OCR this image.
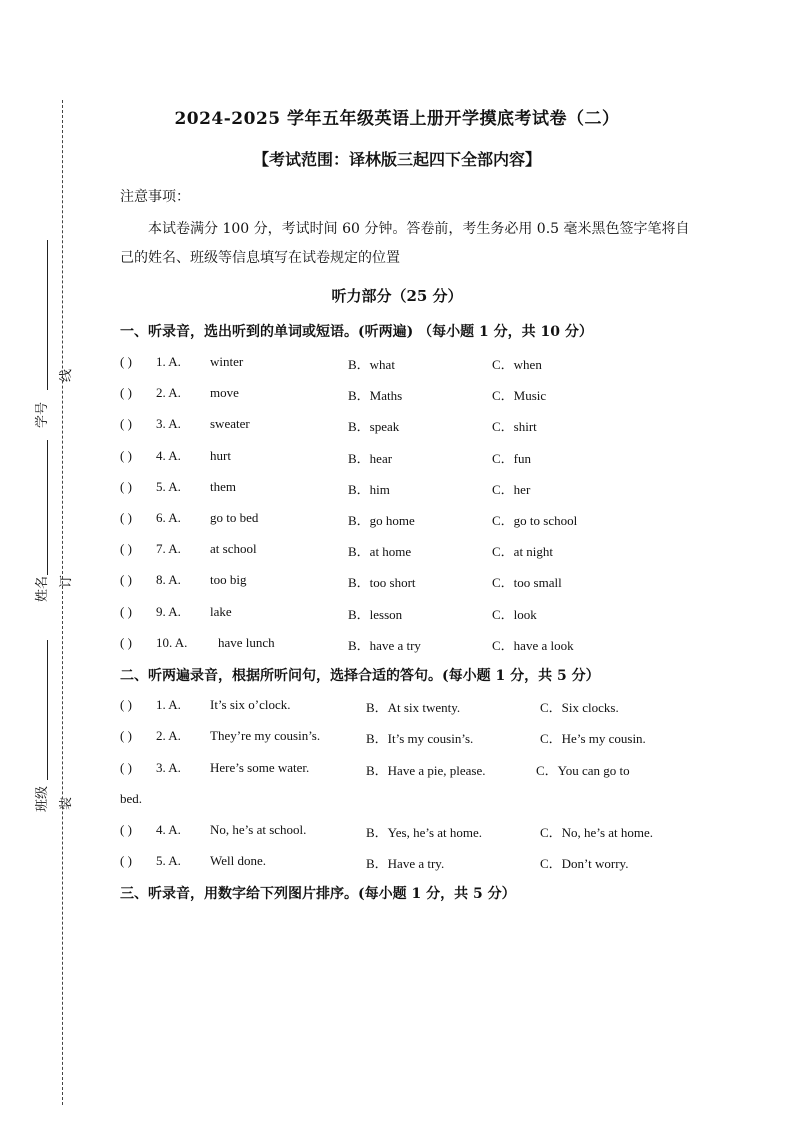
学号
线
姓名 订
班级 装
2024-2025 学年五年级英语上册开学摸底考试卷（二）
【考试范围：译林版三起四下全部内容】
注意事项：
本试卷满分 100 分，考试时间 60 分钟。答卷前，考生务必用 0.5 毫米黑色签字笔将自己的姓名、班级等信息填写在试卷规定的位置
听力部分（25 分）
一、听录音，选出听到的单词或短语。(听两遍) （每小题 1 分，共 10 分）
( ) 1. A. winter	B．what	C．when
( ) 2. A. move	B．Maths	C．Music
( ) 3. A. sweater	B．speak	C．shirt
( ) 4. A. hurt	B．hear	C．fun
( ) 5. A. them	B．him	C．her
( ) 6. A. go to bed	B．go home	C．go to school
( ) 7. A. at school	B．at home	C．at night
( ) 8. A. too big	B．too short	C．too small
( ) 9. A. lake	B．lesson	C．look
( ) 10. A. have lunch	B．have a try	C．have a look
二、听两遍录音，根据所听问句，选择合适的答句。(每小题 1 分，共 5 分）
( ) 1. A. It’s six o’clock.	B．At six twenty.	C．Six clocks.
( ) 2. A. They’re my cousin’s.	B．It’s my cousin’s.	C．He’s my cousin.
( ) 3. A. Here’s some water.	B．Have a pie, please.	C．You can go to
bed.
( ) 4. A. No, he’s at school.	B．Yes, he’s at home.	C．No, he’s at home.
( ) 5. A. Well done.	B．Have a try.	C．Don’t worry.
三、听录音，用数字给下列图片排序。(每小题 1 分，共 5 分）
